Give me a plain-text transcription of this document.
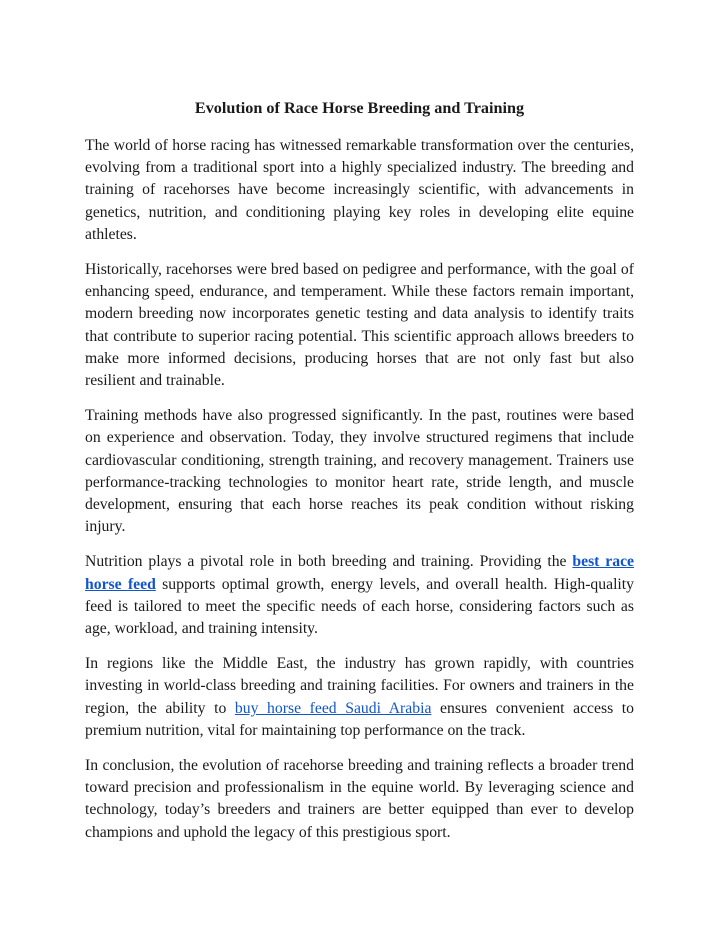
Evolution of Race Horse Breeding and Training

The world of horse racing has witnessed remarkable transformation over the centuries, evolving from a traditional sport into a highly specialized industry. The breeding and training of racehorses have become increasingly scientific, with advancements in genetics, nutrition, and conditioning playing key roles in developing elite equine athletes.

Historically, racehorses were bred based on pedigree and performance, with the goal of enhancing speed, endurance, and temperament. While these factors remain important, modern breeding now incorporates genetic testing and data analysis to identify traits that contribute to superior racing potential. This scientific approach allows breeders to make more informed decisions, producing horses that are not only fast but also resilient and trainable.

Training methods have also progressed significantly. In the past, routines were based on experience and observation. Today, they involve structured regimens that include cardiovascular conditioning, strength training, and recovery management. Trainers use performance-tracking technologies to monitor heart rate, stride length, and muscle development, ensuring that each horse reaches its peak condition without risking injury.

Nutrition plays a pivotal role in both breeding and training. Providing the best race horse feed supports optimal growth, energy levels, and overall health. High-quality feed is tailored to meet the specific needs of each horse, considering factors such as age, workload, and training intensity.

In regions like the Middle East, the industry has grown rapidly, with countries investing in world-class breeding and training facilities. For owners and trainers in the region, the ability to buy horse feed Saudi Arabia ensures convenient access to premium nutrition, vital for maintaining top performance on the track.

In conclusion, the evolution of racehorse breeding and training reflects a broader trend toward precision and professionalism in the equine world. By leveraging science and technology, today’s breeders and trainers are better equipped than ever to develop champions and uphold the legacy of this prestigious sport.
